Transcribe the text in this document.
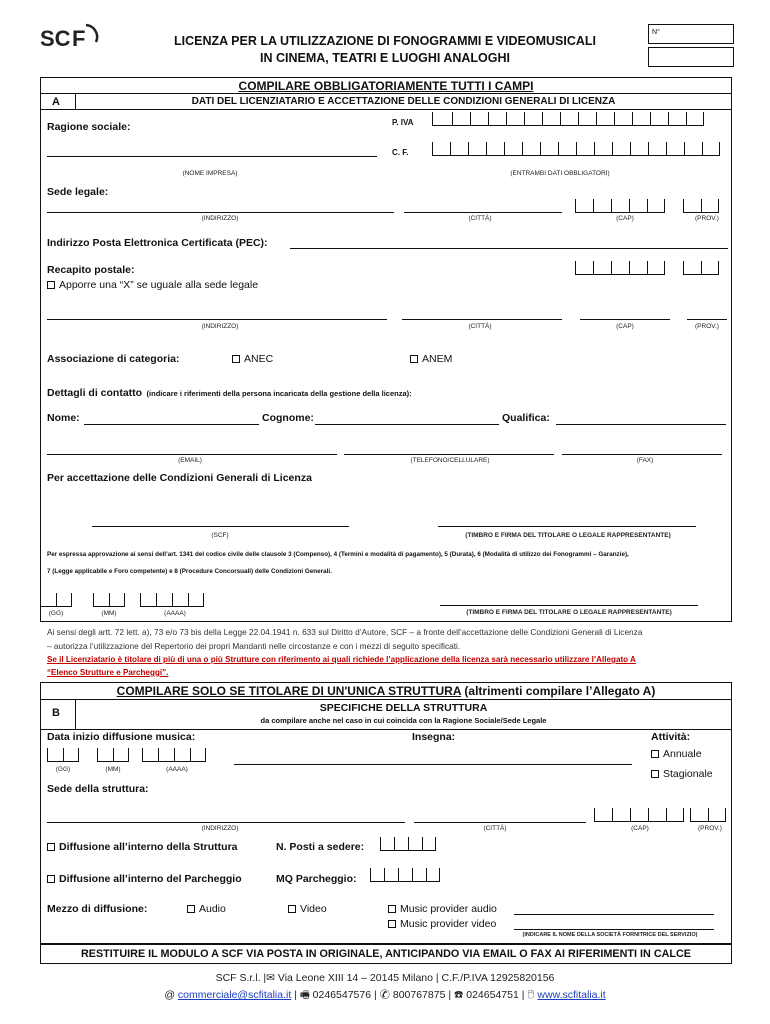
SC F	LICENZA PER LA UTILIZZAZIONE DI FONOGRAMMI E VIDEOMUSICALI
IN CINEMA, TEATRI E LUOGHI ANALOGHI
N°
COMPILARE OBBLIGATORIAMENTE TUTTI I CAMPI
A	DATI DEL LICENZIATARIO E ACCETTAZIONE DELLE CONDIZIONI GENERALI DI LICENZA
Ragione sociale:	P. IVA
C. F.
(NOME IMPRESA)	(ENTRAMBI DATI OBBLIGATORI)
Sede legale:
(INDIRIZZO)	(CITTÀ)	(CAP)	(PROV.)
Indirizzo Posta Elettronica Certificata (PEC):
Recapito postale:
Apporre una “X” se uguale alla sede legale
(INDIRIZZO)	(CITTÀ)	(CAP)	(PROV.)
Associazione di categoria:	ANEC	ANEM
Dettagli di contatto (indicare i riferimenti della persona incaricata della gestione della licenza):
Nome:	Cognome:	Qualifica:
(EMAIL)	(TELEFONO/CELLULARE)	(FAX)
Per accettazione delle Condizioni Generali di Licenza
(SCF)	(TIMBRO E FIRMA DEL TITOLARE O LEGALE RAPPRESENTANTE)
Per espressa approvazione ai sensi dell’art. 1341 del codice civile delle clausole 3 (Compenso), 4 (Termini e modalità di pagamento), 5 (Durata), 6 (Modalità di utilizzo dei Fonogrammi – Garanzie),
7 (Legge applicabile e Foro competente) e 8 (Procedure Concorsuali) delle Condizioni Generali.
(GG)	(MM)	(AAAA)	(TIMBRO E FIRMA DEL TITOLARE O LEGALE RAPPRESENTANTE)
Ai sensi degli artt. 72 lett. a), 73 e/o 73 bis della Legge 22.04.1941 n. 633 sul Diritto d’Autore, SCF – a fronte dell’accettazione delle Condizioni Generali di Licenza
– autorizza l’utilizzazione del Repertorio dei propri Mandanti nelle circostanze e con i mezzi di seguito specificati.
Se il Licenziatario è titolare di più di una o più Strutture con riferimento ai quali richiede l’applicazione della licenza sarà necessario utilizzare l’Allegato A
“Elenco Strutture e Parcheggi”.
COMPILARE SOLO SE TITOLARE DI UN'UNICA STRUTTURA (altrimenti compilare l’Allegato A)
B	SPECIFICHE DELLA STRUTTURA
da compilare anche nel caso in cui coincida con la Ragione Sociale/Sede Legale
Data inizio diffusione musica:	Insegna:	Attività:
(GG)	(MM)	(AAAA)
Annuale
Stagionale
Sede della struttura:
(INDIRIZZO)	(CITTÀ)	(CAP)	(PROV.)
Diffusione all’interno della Struttura	N. Posti a sedere:
Diffusione all’interno del Parcheggio	MQ Parcheggio:
Mezzo di diffusione:	Audio	Video	Music provider audio
Music provider video
(INDICARE IL NOME DELLA SOCIETÀ FORNITRICE DEL SERVIZIO)
RESTITUIRE IL MODULO A SCF VIA POSTA IN ORIGINALE, ANTICIPANDO VIA EMAIL O FAX AI RIFERIMENTI IN CALCE
SCF S.r.l. |✉ Via Leone XIII 14 – 20145 Milano | C.F./P.IVA 12925820156
@ commerciale@scfitalia.it | 🖷 0246547576 | ✆ 800767875 | ☎ 024654751 | 🖰 www.scfitalia.it
